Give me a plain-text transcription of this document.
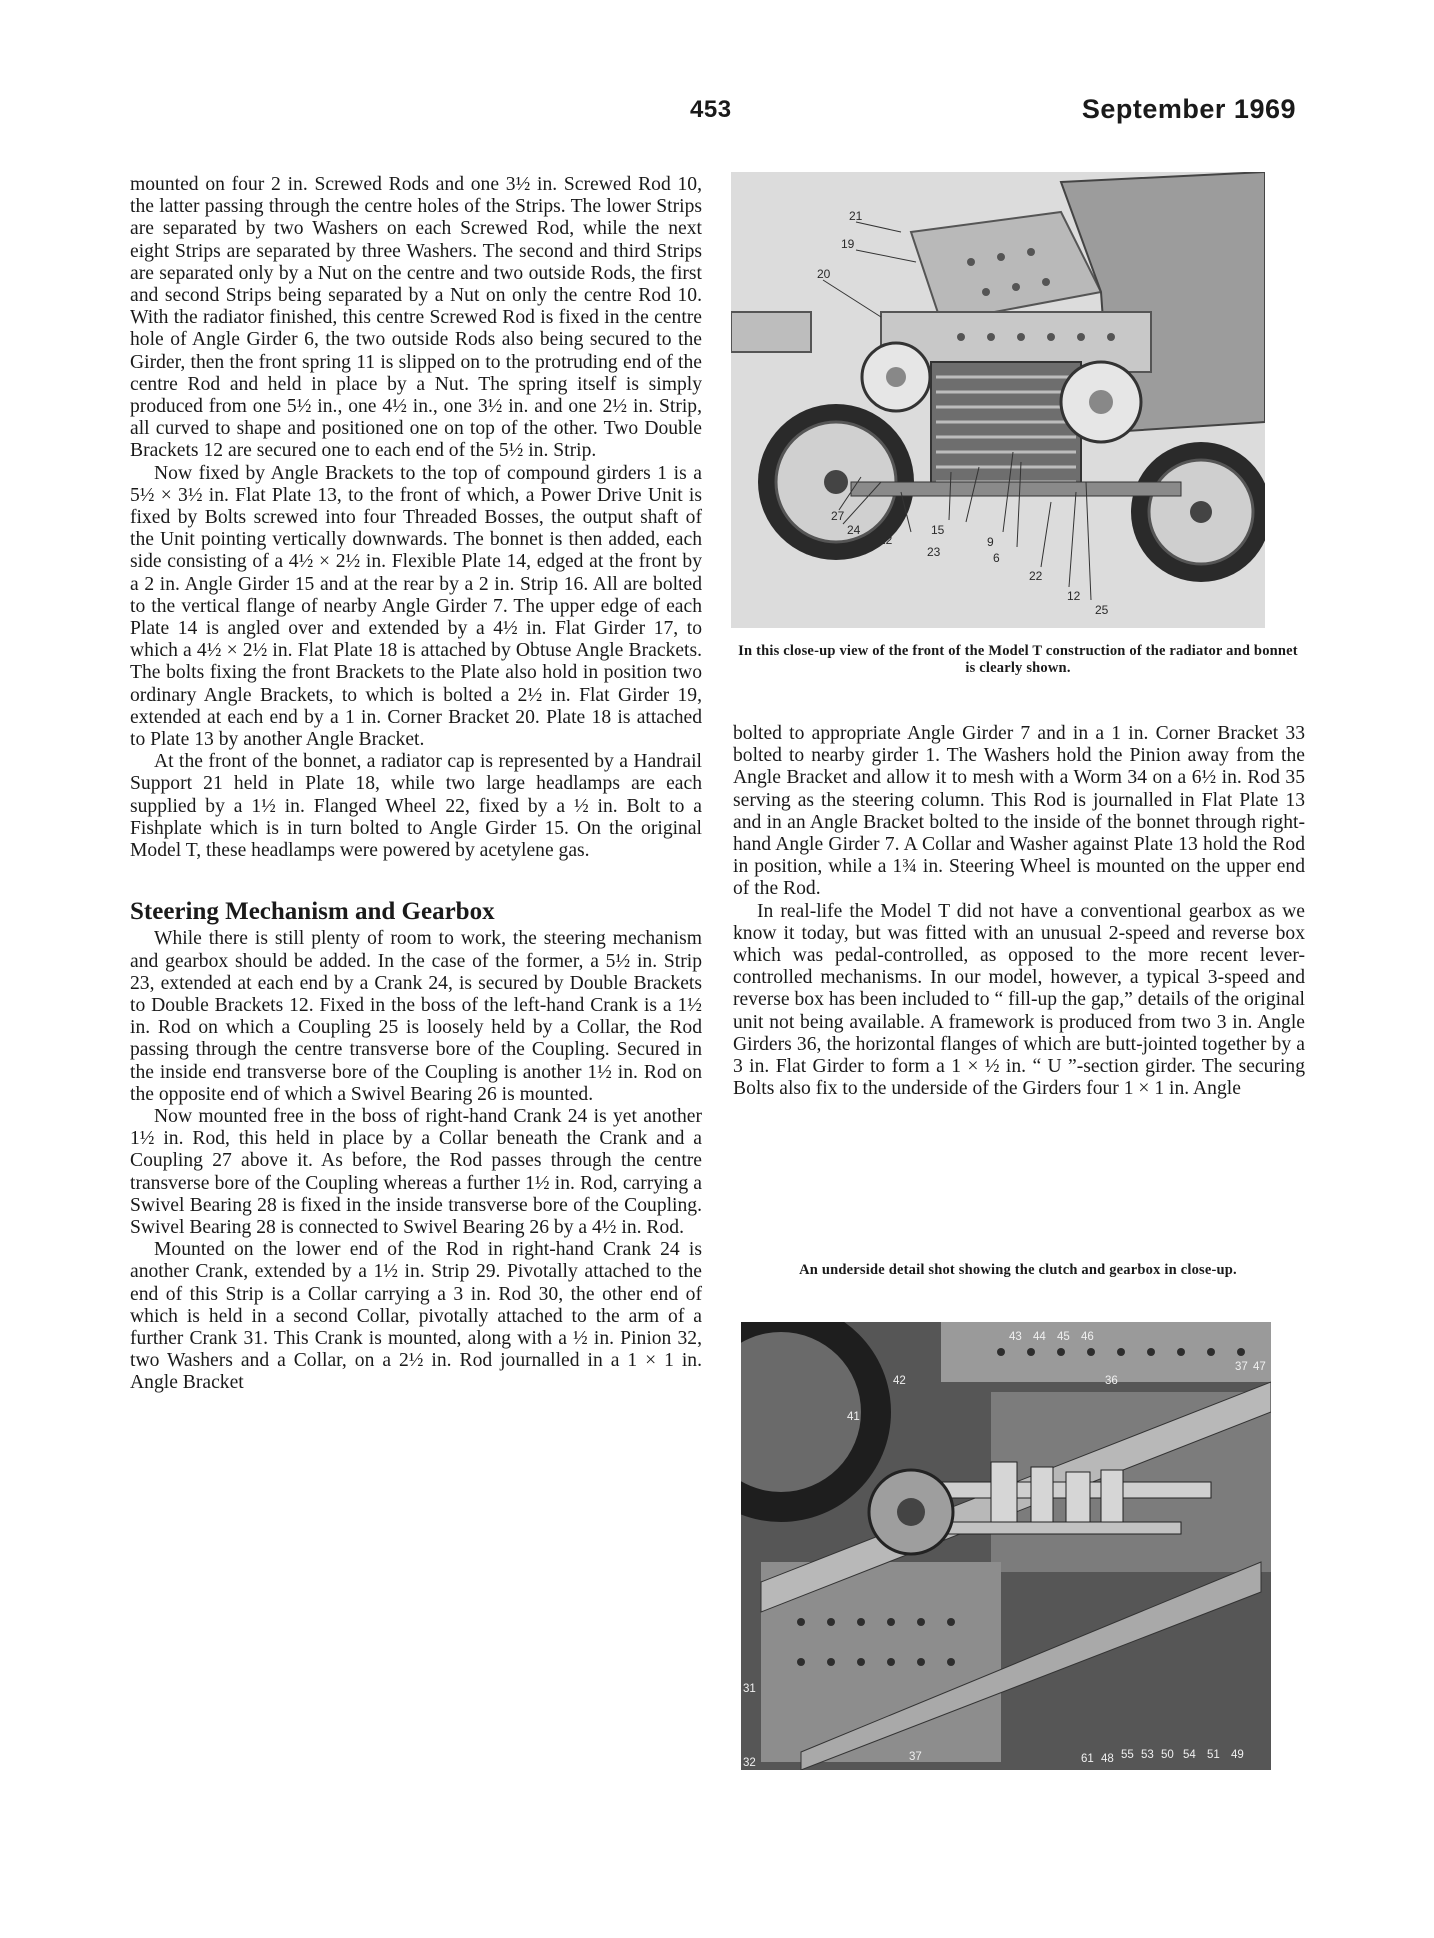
453	September 1969

mounted on four 2 in. Screwed Rods and one 3½ in. Screwed Rod 10, the latter passing through the centre holes of the Strips. The lower Strips are separated by two Washers on each Screwed Rod, while the next eight Strips are separated by three Washers. The second and third Strips are separated only by a Nut on the centre and two outside Rods, the first and second Strips being separated by a Nut on only the centre Rod 10. With the radiator finished, this centre Screwed Rod is fixed in the centre hole of Angle Girder 6, the two outside Rods also being secured to the Girder, then the front spring 11 is slipped on to the protruding end of the centre Rod and held in place by a Nut. The spring itself is simply produced from one 5½ in., one 4½ in., one 3½ in. and one 2½ in. Strip, all curved to shape and positioned one on top of the other. Two Double Brackets 12 are secured one to each end of the 5½ in. Strip.

Now fixed by Angle Brackets to the top of compound girders 1 is a 5½ × 3½ in. Flat Plate 13, to the front of which, a Power Drive Unit is fixed by Bolts screwed into four Threaded Bosses, the output shaft of the Unit pointing vertically downwards. The bonnet is then added, each side consisting of a 4½ × 2½ in. Flexible Plate 14, edged at the front by a 2 in. Angle Girder 15 and at the rear by a 2 in. Strip 16. All are bolted to the vertical flange of nearby Angle Girder 7. The upper edge of each Plate 14 is angled over and extended by a 4½ in. Flat Girder 17, to which a 4½ × 2½ in. Flat Plate 18 is attached by Obtuse Angle Brackets. The bolts fixing the front Brackets to the Plate also hold in position two ordinary Angle Brackets, to which is bolted a 2½ in. Flat Girder 19, extended at each end by a 1 in. Corner Bracket 20. Plate 18 is attached to Plate 13 by another Angle Bracket.

At the front of the bonnet, a radiator cap is represented by a Handrail Support 21 held in Plate 18, while two large headlamps are each supplied by a 1½ in. Flanged Wheel 22, fixed by a ½ in. Bolt to a Fishplate which is in turn bolted to Angle Girder 15. On the original Model T, these headlamps were powered by acetylene gas.

Steering Mechanism and Gearbox

While there is still plenty of room to work, the steering mechanism and gearbox should be added. In the case of the former, a 5½ in. Strip 23, extended at each end by a Crank 24, is secured by Double Brackets to Double Brackets 12. Fixed in the boss of the left-hand Crank is a 1½ in. Rod on which a Coupling 25 is loosely held by a Collar, the Rod passing through the centre transverse bore of the Coupling. Secured in the inside end transverse bore of the Coupling is another 1½ in. Rod on the opposite end of which a Swivel Bearing 26 is mounted.

Now mounted free in the boss of right-hand Crank 24 is yet another 1½ in. Rod, this held in place by a Collar beneath the Crank and a Coupling 27 above it. As before, the Rod passes through the centre transverse bore of the Coupling whereas a further 1½ in. Rod, carrying a Swivel Bearing 28 is fixed in the inside transverse bore of the Coupling. Swivel Bearing 28 is connected to Swivel Bearing 26 by a 4½ in. Rod.

Mounted on the lower end of the Rod in right-hand Crank 24 is another Crank, extended by a 1½ in. Strip 29. Pivotally attached to the end of this Strip is a Collar carrying a 3 in. Rod 30, the other end of which is held in a second Collar, pivotally attached to the arm of a further Crank 31. This Crank is mounted, along with a ½ in. Pinion 32, two Washers and a Collar, on a 2½ in. Rod journalled in a 1 × 1 in. Angle Bracket

21
19
20
27
24
12
15
23
9
6
22
12
25
In this close-up view of the front of the Model T construction of the radiator and bonnet is clearly shown.

bolted to appropriate Angle Girder 7 and in a 1 in. Corner Bracket 33 bolted to nearby girder 1. The Washers hold the Pinion away from the Angle Bracket and allow it to mesh with a Worm 34 on a 6½ in. Rod 35 serving as the steering column. This Rod is journalled in Flat Plate 13 and in an Angle Bracket bolted to the inside of the bonnet through right-hand Angle Girder 7. A Collar and Washer against Plate 13 hold the Rod in position, while a 1¾ in. Steering Wheel is mounted on the upper end of the Rod.

In real-life the Model T did not have a conventional gearbox as we know it today, but was fitted with an unusual 2-speed and reverse box which was pedal-controlled, as opposed to the more recent lever-controlled mechanisms. In our model, however, a typical 3-speed and reverse box has been included to “ fill-up the gap,” details of the original unit not being available. A framework is produced from two 3 in. Angle Girders 36, the horizontal flanges of which are butt-jointed together by a 3 in. Flat Girder to form a 1 × ½ in. “ U ”-section girder. The securing Bolts also fix to the underside of the Girders four 1 × 1 in. Angle

An underside detail shot showing the clutch and gearbox in close-up.
43 44 45 46
37 47
42	36
41
31
32	37	61 48 55 53 50 54 51 49
